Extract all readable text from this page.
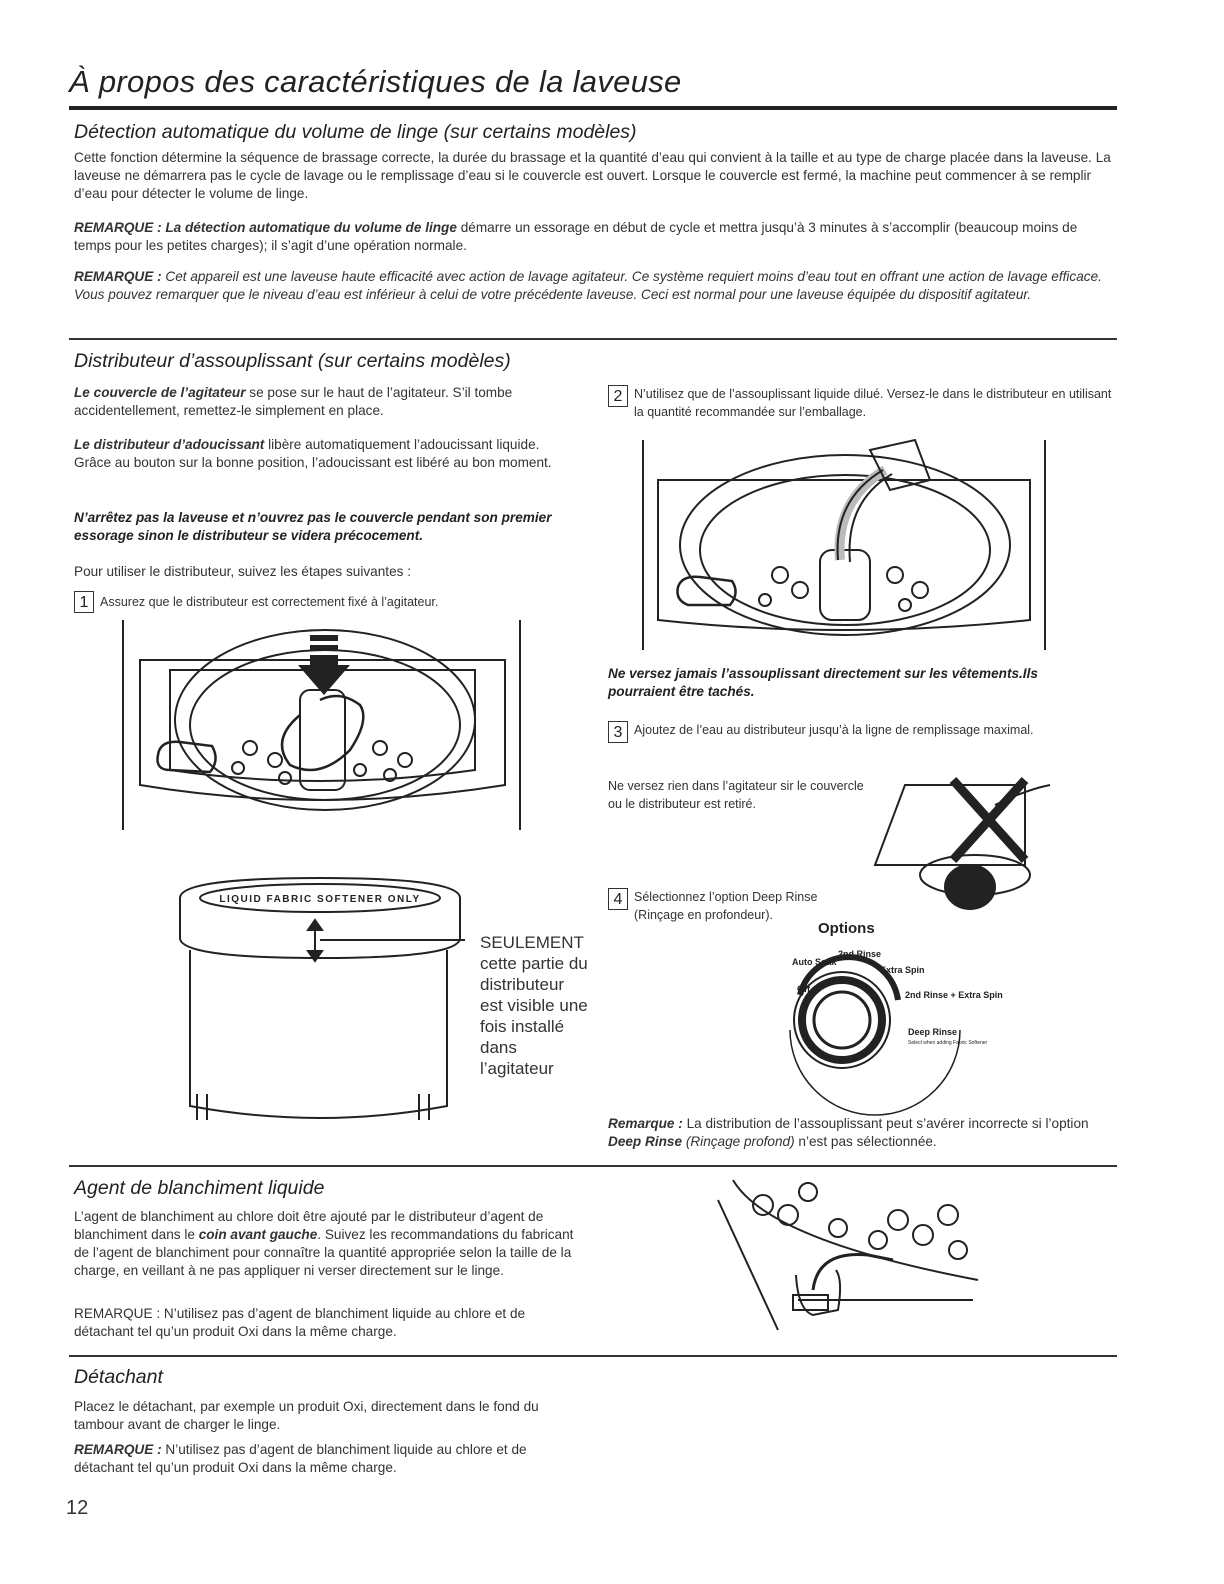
À propos des caractéristiques de la laveuse
Détection automatique du volume de linge (sur certains modèles)

Cette fonction détermine la séquence de brassage correcte, la durée du brassage et la quantité d’eau qui convient à la taille et au type de charge placée dans la laveuse. La laveuse ne démarrera pas le cycle de lavage ou le remplissage d’eau si le couvercle est ouvert. Lorsque le couvercle est fermé, la machine peut commencer à se remplir d’eau pour détecter le volume de linge.

REMARQUE : La détection automatique du volume de linge démarre un essorage en début de cycle et mettra jusqu’à 3 minutes à s’accomplir (beaucoup moins de temps pour les petites charges); il s’agit d’une opération normale.

REMARQUE : Cet appareil est une laveuse haute efficacité avec action de lavage agitateur. Ce système requiert moins d’eau tout en offrant une action de lavage efficace. Vous pouvez remarquer que le niveau d’eau est inférieur à celui de votre précédente laveuse. Ceci est normal pour une laveuse équipée du dispositif agitateur.

Distributeur d’assouplissant (sur certains modèles)

Le couvercle de l’agitateur se pose sur le haut de l’agitateur. S’il tombe accidentellement, remettez-le simplement en place.

Le distributeur d’adoucissant libère automatiquement l’adoucissant liquide. Grâce au bouton sur la bonne position, l’adoucissant est libéré au bon moment.

N’arrêtez pas la laveuse et n’ouvrez pas le couvercle pendant son premier essorage sinon le distributeur se videra précocement.

Pour utiliser le distributeur, suivez les étapes suivantes :

1 Assurez que le distributeur est correctement fixé à l’agitateur.

LIQUID FABRIC SOFTENER ONLY
SEULEMENT cette partie du distributeur est visible une fois installé dans l’agitateur
2 N’utilisez que de l’assouplissant liquide dilué. Versez-le dans le distributeur en utilisant la quantité recommandée sur l’emballage.

Ne versez jamais l’assouplissant directement sur les vêtements.Ils pourraient être tachés.

3 Ajoutez de l’eau au distributeur jusqu’à la ligne de remplissage maximal.

Ne versez rien dans l’agitateur sir le couvercle ou le distributeur est retiré.

4 Sélectionnez l’option Deep Rinse (Rinçage en profondeur).

Options
Off
Auto Soak
2nd Rinse
Extra Spin
2nd Rinse + Extra Spin
Deep Rinse
Select when adding Fabric Softener

Remarque : La distribution de l’assouplissant peut s’avérer incorrecte si l’option Deep Rinse (Rinçage profond) n’est pas sélectionnée.

Agent de blanchiment liquide

L’agent de blanchiment au chlore doit être ajouté par le distributeur d’agent de blanchiment dans le coin avant gauche. Suivez les recommandations du fabricant de l’agent de blanchiment pour connaître la quantité appropriée selon la taille de la charge, en veillant à ne pas appliquer ni verser directement sur le linge.

REMARQUE : N’utilisez pas d’agent de blanchiment liquide au chlore et de détachant tel qu’un produit Oxi dans la même charge.

Détachant

Placez le détachant, par exemple un produit Oxi, directement dans le fond du tambour avant de charger le linge.

REMARQUE : N’utilisez pas d’agent de blanchiment liquide au chlore et de détachant tel qu’un produit Oxi dans la même charge.

12
